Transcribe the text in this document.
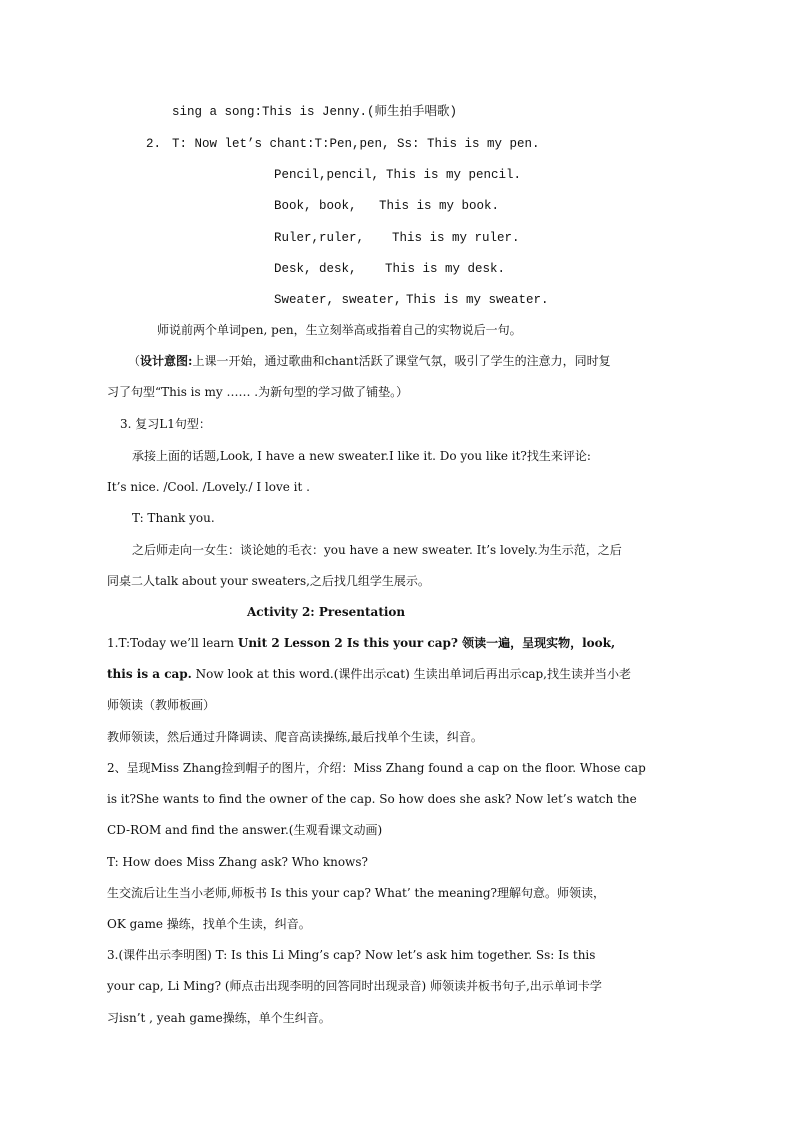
sing a song:This is Jenny.(师生拍手唱歌)
2. T: Now let’s chant:T:Pen,pen, Ss: This is my pen.
Pencil,pencil, This is my pencil.
Book, book, This is my book.
Ruler,ruler, This is my ruler.
Desk, desk, This is my desk.
Sweater, sweater, This is my sweater.
师说前两个单词pen, pen，生立刻举高或指着自己的实物说后一句。
（设计意图:上课一开始，通过歌曲和chant活跃了课堂气氛，吸引了学生的注意力，同时复
习了句型“This is my …… .为新句型的学习做了铺垫。）
3. 复习L1句型：
承接上面的话题,Look, I have a new sweater.I like it. Do you like it?找生来评论:
It’s nice. /Cool. /Lovely./ I love it .
T: Thank you.
之后师走向一女生：谈论她的毛衣：you have a new sweater. It’s lovely.为生示范，之后
同桌二人talk about your sweaters,之后找几组学生展示。
Activity 2: Presentation
1.T:Today we’ll learn Unit 2 Lesson 2 Is this your cap? 领读一遍，呈现实物，look,
this is a cap. Now look at this word.(课件出示cat) 生读出单词后再出示cap,找生读并当小老
师领读（教师板画）
教师领读，然后通过升降调读、爬音高读操练,最后找单个生读，纠音。
2、呈现Miss Zhang捡到帽子的图片，介绍：Miss Zhang found a cap on the floor. Whose cap
is it?She wants to find the owner of the cap. So how does she ask? Now let’s watch the
CD-ROM and find the answer.(生观看课文动画)
T: How does Miss Zhang ask? Who knows?
生交流后让生当小老师,师板书 Is this your cap? What’ the meaning?理解句意。师领读，
OK game 操练，找单个生读，纠音。
3.(课件出示李明图) T: Is this Li Ming’s cap? Now let’s ask him together. Ss: Is this
your cap, Li Ming? (师点击出现李明的回答同时出现录音) 师领读并板书句子,出示单词卡学
习isn’t , yeah game操练，单个生纠音。
